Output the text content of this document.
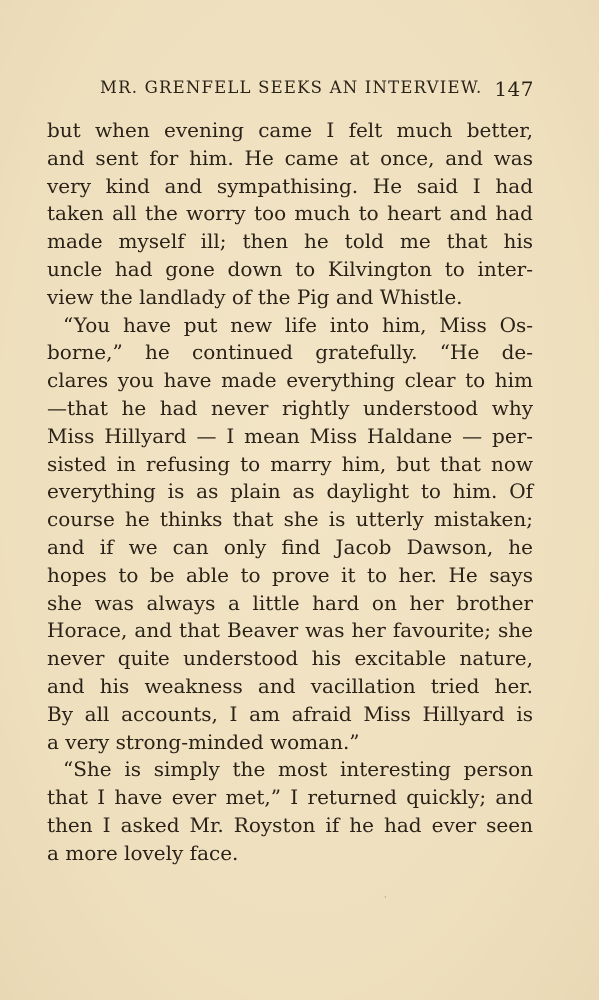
MR. GRENFELL SEEKS AN INTERVIEW. 147
but when evening came I felt much better,
and sent for him. He came at once, and was
very kind and sympathising. He said I had
taken all the worry too much to heart and had
made myself ill; then he told me that his
uncle had gone down to Kilvington to inter-
view the landlady of the Pig and Whistle.
“You have put new life into him, Miss Os-
borne,” he continued gratefully. “He de-
clares you have made everything clear to him
—that he had never rightly understood why
Miss Hillyard — I mean Miss Haldane — per-
sisted in refusing to marry him, but that now
everything is as plain as daylight to him. Of
course he thinks that she is utterly mistaken;
and if we can only find Jacob Dawson, he
hopes to be able to prove it to her. He says
she was always a little hard on her brother
Horace, and that Beaver was her favourite; she
never quite understood his excitable nature,
and his weakness and vacillation tried her.
By all accounts, I am afraid Miss Hillyard is
a very strong-minded woman.”
“She is simply the most interesting person
that I have ever met,” I returned quickly; and
then I asked Mr. Royston if he had ever seen
a more lovely face.
·
